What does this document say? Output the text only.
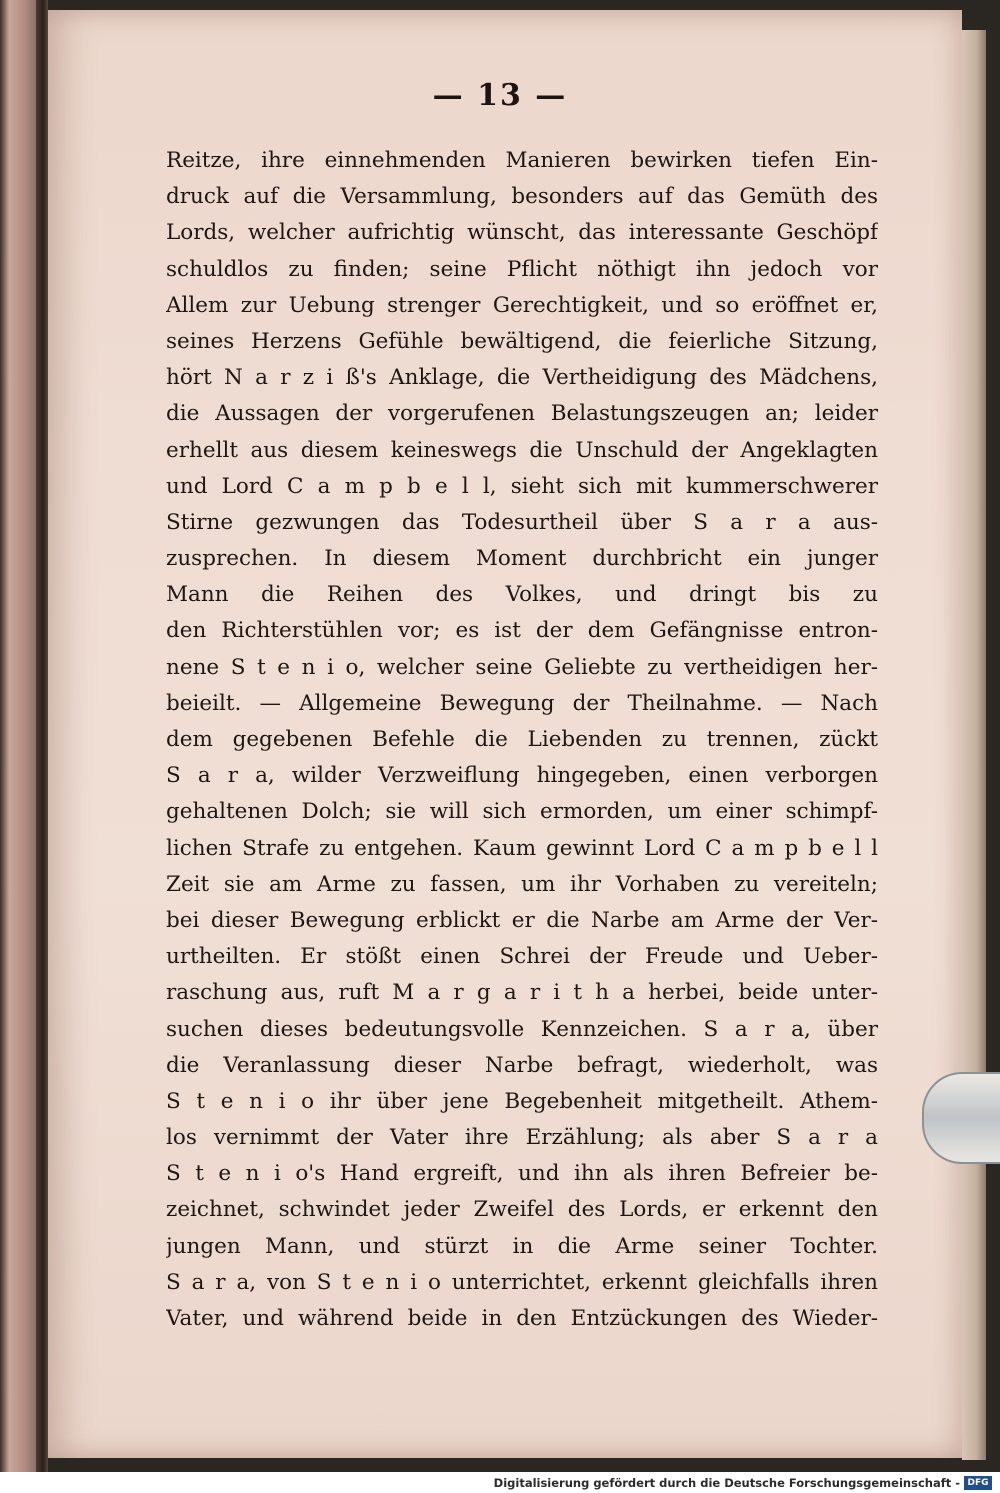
— 13 —
Reitze, ihre einnehmenden Manieren bewirken tiefen Ein-
druck auf die Versammlung, besonders auf das Gemüth des
Lords, welcher aufrichtig wünscht, das interessante Geschöpf
schuldlos zu finden; seine Pflicht nöthigt ihn jedoch vor
Allem zur Uebung strenger Gerechtigkeit, und so eröffnet er,
seines Herzens Gefühle bewältigend, die feierliche Sitzung,
hört N a r z i ß's Anklage, die Vertheidigung des Mädchens,
die Aussagen der vorgerufenen Belastungszeugen an; leider
erhellt aus diesem keineswegs die Unschuld der Angeklagten
und Lord C a m p b e l l, sieht sich mit kummerschwerer
Stirne gezwungen das Todesurtheil über S a r a aus-
zusprechen. In diesem Moment durchbricht ein junger
Mann die Reihen des Volkes, und dringt bis zu
den Richterstühlen vor; es ist der dem Gefängnisse entron-
nene S t e n i o, welcher seine Geliebte zu vertheidigen her-
beieilt. — Allgemeine Bewegung der Theilnahme. — Nach
dem gegebenen Befehle die Liebenden zu trennen, zückt
S a r a, wilder Verzweiflung hingegeben, einen verborgen
gehaltenen Dolch; sie will sich ermorden, um einer schimpf-
lichen Strafe zu entgehen. Kaum gewinnt Lord C a m p b e l l
Zeit sie am Arme zu fassen, um ihr Vorhaben zu vereiteln;
bei dieser Bewegung erblickt er die Narbe am Arme der Ver-
urtheilten. Er stößt einen Schrei der Freude und Ueber-
raschung aus, ruft M a r g a r i t h a herbei, beide unter-
suchen dieses bedeutungsvolle Kennzeichen. S a r a, über
die Veranlassung dieser Narbe befragt, wiederholt, was
S t e n i o ihr über jene Begebenheit mitgetheilt. Athem-
los vernimmt der Vater ihre Erzählung; als aber S a r a
S t e n i o's Hand ergreift, und ihn als ihren Befreier be-
zeichnet, schwindet jeder Zweifel des Lords, er erkennt den
jungen Mann, und stürzt in die Arme seiner Tochter.
S a r a, von S t e n i o unterrichtet, erkennt gleichfalls ihren
Vater, und während beide in den Entzückungen des Wieder-
Digitalisierung gefördert durch die Deutsche Forschungsgemeinschaft - DFG
